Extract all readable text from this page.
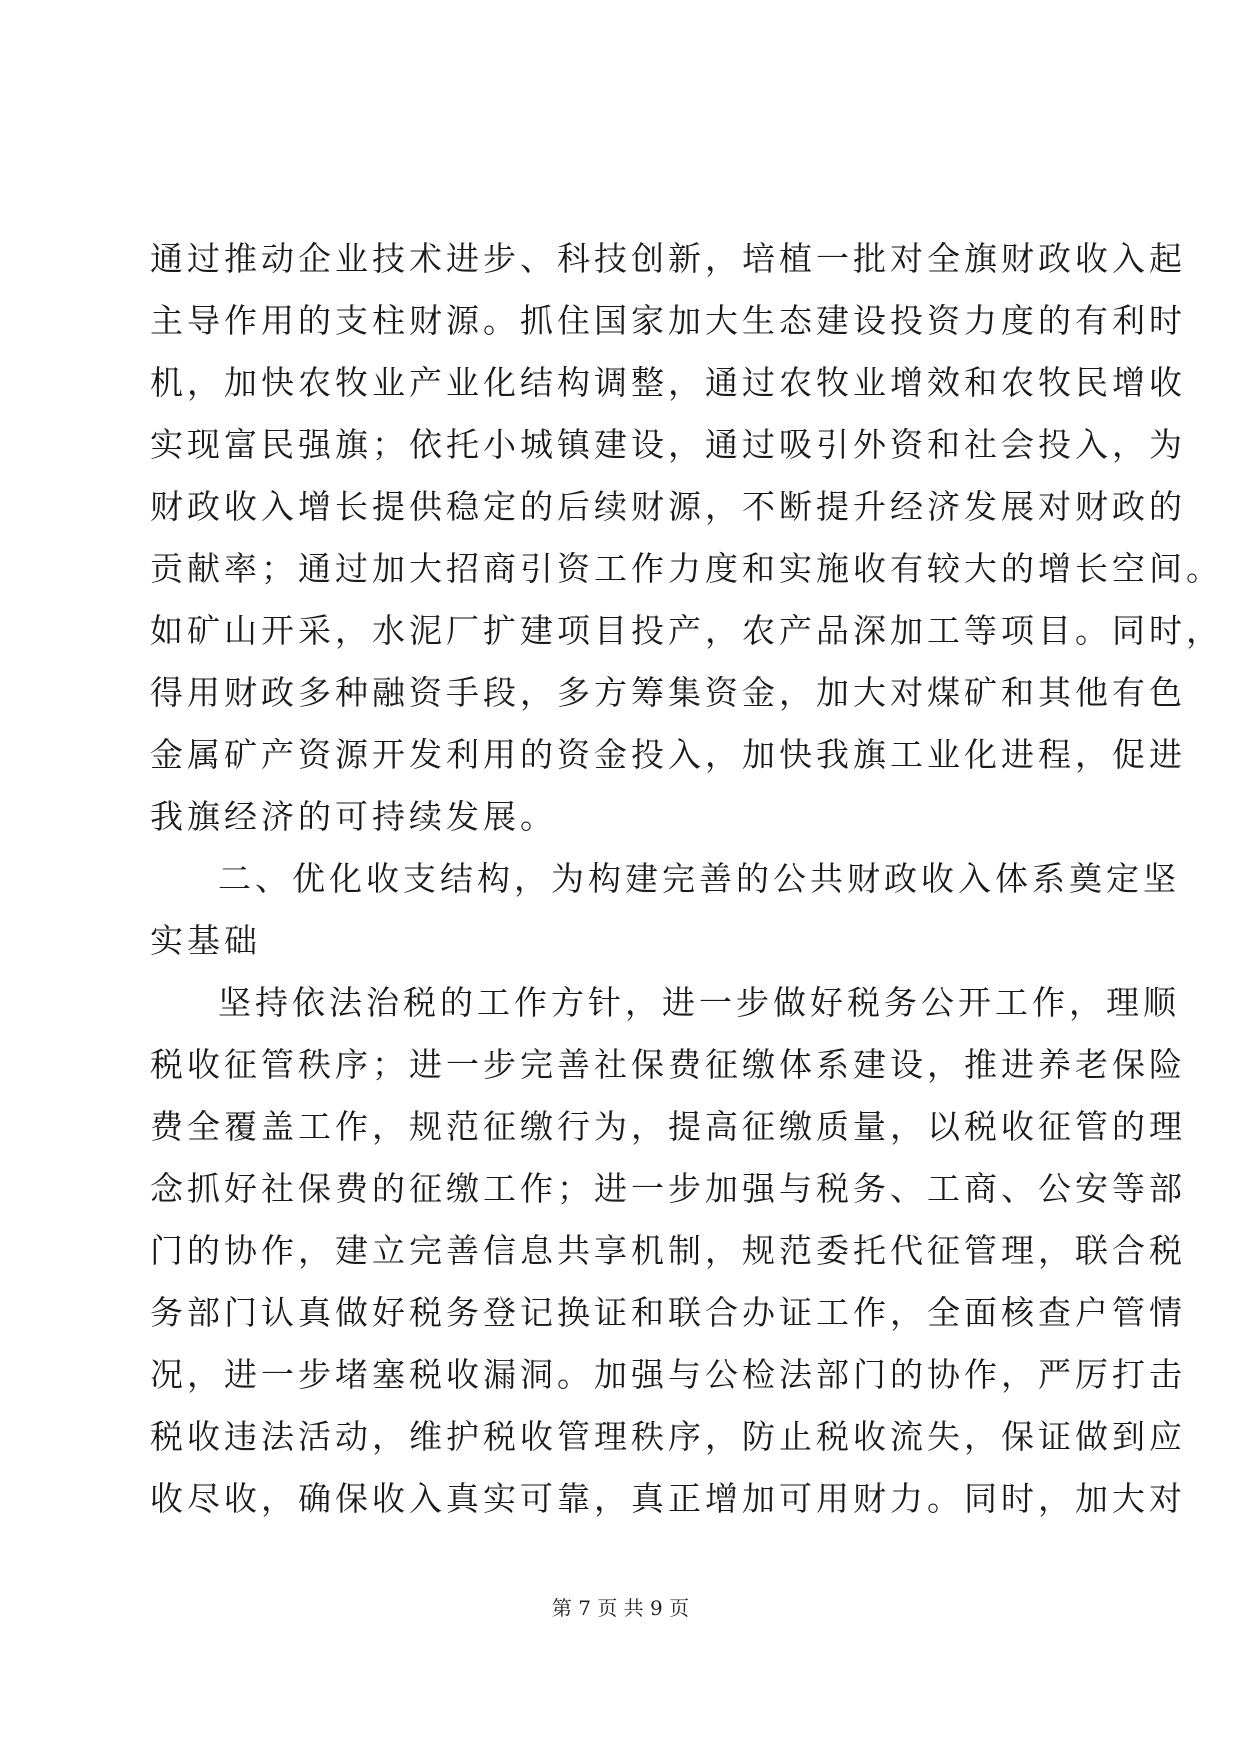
通过推动企业技术进步、科技创新，培植一批对全旗财政收入起
主导作用的支柱财源。抓住国家加大生态建设投资力度的有利时
机，加快农牧业产业化结构调整，通过农牧业增效和农牧民增收
实现富民强旗；依托小城镇建设，通过吸引外资和社会投入，为
财政收入增长提供稳定的后续财源，不断提升经济发展对财政的
贡献率；通过加大招商引资工作力度和实施收有较大的增长空间。
如矿山开采，水泥厂扩建项目投产，农产品深加工等项目。同时，
得用财政多种融资手段，多方筹集资金，加大对煤矿和其他有色
金属矿产资源开发利用的资金投入，加快我旗工业化进程，促进
我旗经济的可持续发展。
二、优化收支结构，为构建完善的公共财政收入体系奠定坚
实基础
坚持依法治税的工作方针，进一步做好税务公开工作，理顺
税收征管秩序；进一步完善社保费征缴体系建设，推进养老保险
费全覆盖工作，规范征缴行为，提高征缴质量，以税收征管的理
念抓好社保费的征缴工作；进一步加强与税务、工商、公安等部
门的协作，建立完善信息共享机制，规范委托代征管理，联合税
务部门认真做好税务登记换证和联合办证工作，全面核查户管情
况，进一步堵塞税收漏洞。加强与公检法部门的协作，严厉打击
税收违法活动，维护税收管理秩序，防止税收流失，保证做到应
收尽收，确保收入真实可靠，真正增加可用财力。同时，加大对
第 7 页 共 9 页
